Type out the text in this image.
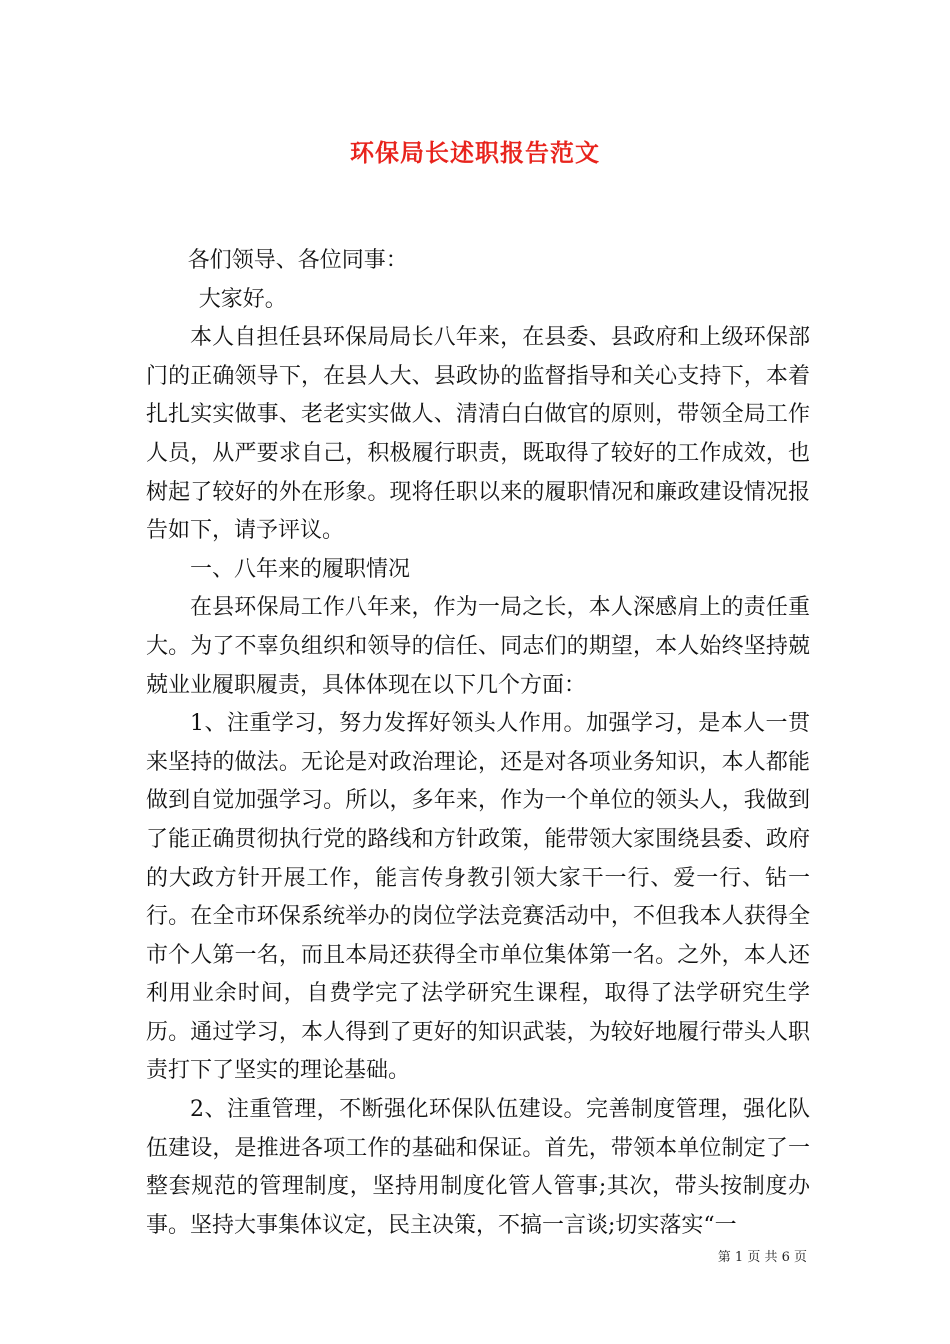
环保局长述职报告范文

各们领导、各位同事：

大家好。

本人自担任县环保局局长八年来，在县委、县政府和上级环保部门的正确领导下，在县人大、县政协的监督指导和关心支持下，本着扎扎实实做事、老老实实做人、清清白白做官的原则，带领全局工作人员，从严要求自己，积极履行职责，既取得了较好的工作成效，也树起了较好的外在形象。现将任职以来的履职情况和廉政建设情况报告如下，请予评议。

一、八年来的履职情况

在县环保局工作八年来，作为一局之长，本人深感肩上的责任重大。为了不辜负组织和领导的信任、同志们的期望，本人始终坚持兢兢业业履职履责，具体体现在以下几个方面：

1、注重学习，努力发挥好领头人作用。加强学习，是本人一贯来坚持的做法。无论是对政治理论，还是对各项业务知识，本人都能做到自觉加强学习。所以，多年来，作为一个单位的领头人，我做到了能正确贯彻执行党的路线和方针政策，能带领大家围绕县委、政府的大政方针开展工作，能言传身教引领大家干一行、爱一行、钻一行。在全市环保系统举办的岗位学法竞赛活动中，不但我本人获得全市个人第一名，而且本局还获得全市单位集体第一名。之外，本人还利用业余时间，自费学完了法学研究生课程，取得了法学研究生学历。通过学习，本人得到了更好的知识武装，为较好地履行带头人职责打下了坚实的理论基础。

2、注重管理，不断强化环保队伍建设。完善制度管理，强化队伍建设，是推进各项工作的基础和保证。首先，带领本单位制定了一整套规范的管理制度，坚持用制度化管人管事;其次，带头按制度办事。坚持大事集体议定，民主决策，不搞一言谈;切实落实“一

第 1 页 共 6 页
